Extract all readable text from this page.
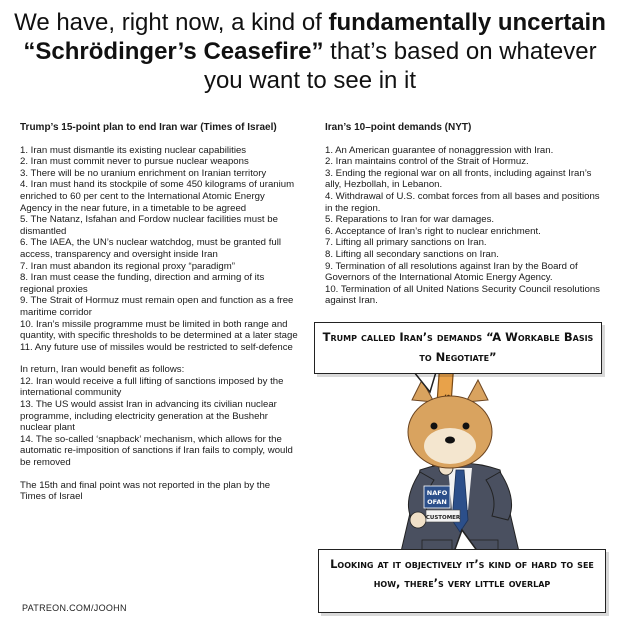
We have, right now, a kind of fundamentally uncertain “Schrödinger’s Ceasefire” that’s based on whatever you want to see in it
Trump’s 15-point plan to end Iran war (Times of Israel)
1. Iran must dismantle its existing nuclear capabilities
2. Iran must commit never to pursue nuclear weapons
3. There will be no uranium enrichment on Iranian territory
4. Iran must hand its stockpile of some 450 kilograms of uranium enriched to 60 per cent to the International Atomic Energy Agency in the near future, in a timetable to be agreed
5. The Natanz, Isfahan and Fordow nuclear facilities must be dismantled
6. The IAEA, the UN’s nuclear watchdog, must be granted full access, transparency and oversight inside Iran
7. Iran must abandon its regional proxy “paradigm”
8. Iran must cease the funding, direction and arming of its regional proxies
9. The Strait of Hormuz must remain open and function as a free maritime corridor
10. Iran’s missile programme must be limited in both range and quantity, with specific thresholds to be determined at a later stage
11. Any future use of missiles would be restricted to self-defence
In return, Iran would benefit as follows:
12. Iran would receive a full lifting of sanctions imposed by the international community
13. The US would assist Iran in advancing its civilian nuclear programme, including electricity generation at the Bushehr nuclear plant
14. The so-called ‘snapback’ mechanism, which allows for the automatic re-imposition of sanctions if Iran fails to comply, would be removed
The 15th and final point was not reported in the plan by the Times of Israel
Iran’s 10–point demands (NYT)
1. An American guarantee of nonaggression with Iran.
2. Iran maintains control of the Strait of Hormuz.
3. Ending the regional war on all fronts, including against Iran’s ally, Hezbollah, in Lebanon.
4. Withdrawal of U.S. combat forces from all bases and positions in the region.
5. Reparations to Iran for war damages.
6. Acceptance of Iran’s right to nuclear enrichment.
7. Lifting all primary sanctions on Iran.
8. Lifting all secondary sanctions on Iran.
9. Termination of all resolutions against Iran by the Board of Governors of the International Atomic Energy Agency.
10. Termination of all United Nations Security Council resolutions against Iran.
NAFO
OFAN
CUSTOMER
Trump called Iran’s demands “A Workable Basis to Negotiate”
Looking at it objectively it’s kind of hard to see how, there’s very little overlap
PATREON.COM/JOOHN
